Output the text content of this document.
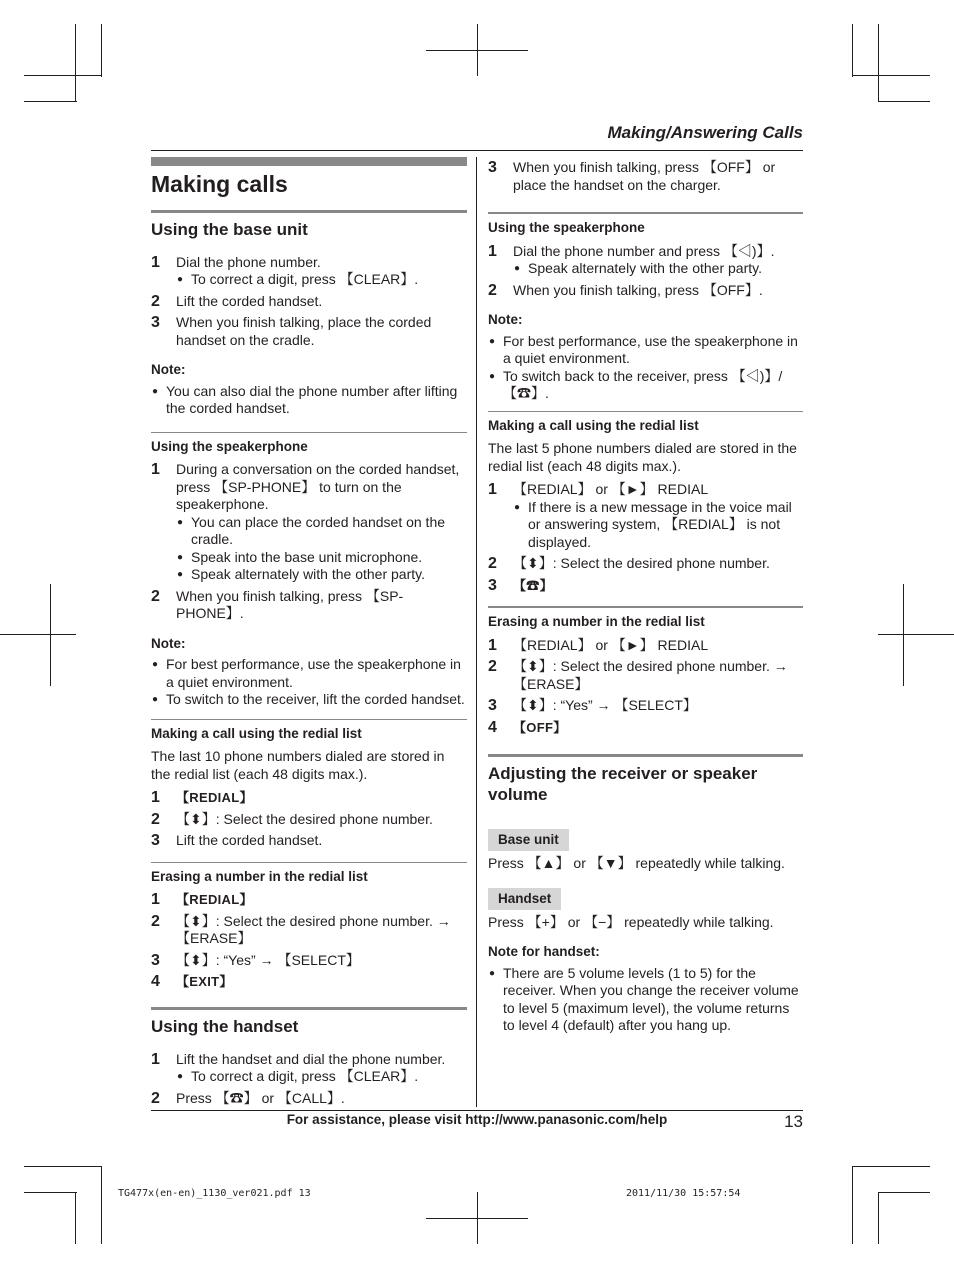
Making/Answering Calls
Making calls
Using the base unit
1	Dial the phone number.
● To correct a digit, press 【CLEAR】.
2	Lift the corded handset.
3	When you finish talking, place the corded handset on the cradle.
Note:
● You can also dial the phone number after lifting the corded handset.
Using the speakerphone
1	During a conversation on the corded handset, press 【SP-PHONE】 to turn on the speakerphone.
● You can place the corded handset on the cradle.
● Speak into the base unit microphone.
● Speak alternately with the other party.
2	When you finish talking, press 【SP-PHONE】.
Note:
● For best performance, use the speakerphone in a quiet environment.
● To switch to the receiver, lift the corded handset.
Making a call using the redial list
The last 10 phone numbers dialed are stored in the redial list (each 48 digits max.).
1	【REDIAL】
2	【⬍】: Select the desired phone number.
3	Lift the corded handset.
Erasing a number in the redial list
1	【REDIAL】
2	【⬍】: Select the desired phone number. → 【ERASE】
3	【⬍】: “Yes” → 【SELECT】
4	【EXIT】
Using the handset
1	Lift the handset and dial the phone number.
● To correct a digit, press 【CLEAR】.
2	Press 【☎】 or 【CALL】.
3	When you finish talking, press 【OFF】 or place the handset on the charger.
Using the speakerphone
1	Dial the phone number and press 【◁)】.
● Speak alternately with the other party.
2	When you finish talking, press 【OFF】.
Note:
● For best performance, use the speakerphone in a quiet environment.
● To switch back to the receiver, press 【◁)】/【☎】.
Making a call using the redial list
The last 5 phone numbers dialed are stored in the redial list (each 48 digits max.).
1	【REDIAL】 or 【►】 REDIAL
● If there is a new message in the voice mail or answering system, 【REDIAL】 is not displayed.
2	【⬍】: Select the desired phone number.
3	【☎】
Erasing a number in the redial list
1	【REDIAL】 or 【►】 REDIAL
2	【⬍】: Select the desired phone number. → 【ERASE】
3	【⬍】: “Yes” → 【SELECT】
4	【OFF】
Adjusting the receiver or speaker volume
Base unit
Press 【▲】 or 【▼】 repeatedly while talking.
Handset
Press 【+】 or 【−】 repeatedly while talking.
Note for handset:
● There are 5 volume levels (1 to 5) for the receiver. When you change the receiver volume to level 5 (maximum level), the volume returns to level 4 (default) after you hang up.
For assistance, please visit http://www.panasonic.com/help	13
TG477x(en-en)_1130_ver021.pdf 13	2011/11/30 15:57:54
